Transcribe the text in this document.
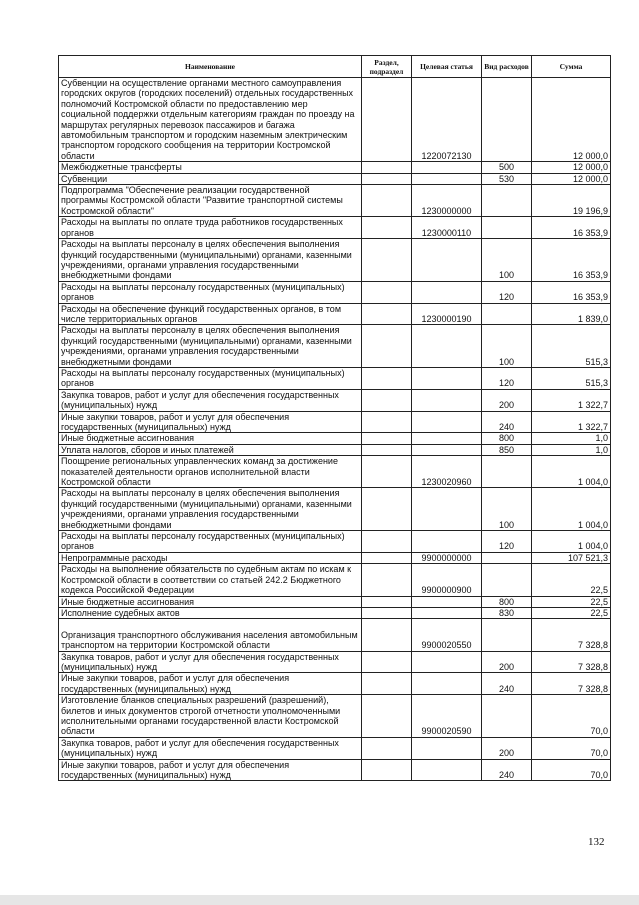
Наименование	Раздел, подраздел	Целевая статья	Вид расходов	Сумма
Субвенции на осуществление органами местного самоуправления городских округов (городских поселений) отдельных государственных полномочий Костромской области по предоставлению мер социальной поддержки отдельным категориям граждан по проезду на маршрутах регулярных перевозок пассажиров и багажа автомобильным транспортом и городским наземным электрическим транспортом городского сообщения на территории Костромской области		1220072130		12 000,0
Межбюджетные трансферты			500	12 000,0
Субвенции			530	12 000,0
Подпрограмма "Обеспечение реализации государственной программы Костромской области "Развитие транспортной системы Костромской области"		1230000000		19 196,9
Расходы на выплаты по оплате труда работников государственных органов		1230000110		16 353,9
Расходы на выплаты персоналу в целях обеспечения выполнения функций государственными (муниципальными) органами, казенными учреждениями, органами управления государственными внебюджетными фондами			100	16 353,9
Расходы на выплаты персоналу государственных (муниципальных) органов			120	16 353,9
Расходы на обеспечение функций государственных органов, в том числе территориальных органов		1230000190		1 839,0
Расходы на выплаты персоналу в целях обеспечения выполнения функций государственными (муниципальными) органами, казенными учреждениями, органами управления государственными внебюджетными фондами			100	515,3
Расходы на выплаты персоналу государственных (муниципальных) органов			120	515,3
Закупка товаров, работ и услуг для обеспечения государственных (муниципальных) нужд			200	1 322,7
Иные закупки товаров, работ и услуг для обеспечения государственных (муниципальных) нужд			240	1 322,7
Иные бюджетные ассигнования			800	1,0
Уплата налогов, сборов и иных платежей			850	1,0
Поощрение региональных управленческих команд за достижение показателей деятельности органов исполнительной власти Костромской области		1230020960		1 004,0
Расходы на выплаты персоналу в целях обеспечения выполнения функций государственными (муниципальными) органами, казенными учреждениями, органами управления государственными внебюджетными фондами			100	1 004,0
Расходы на выплаты персоналу государственных (муниципальных) органов			120	1 004,0
Непрограммные расходы		9900000000		107 521,3
Расходы на выполнение обязательств по судебным актам по искам к Костромской области в соответствии со статьей 242.2 Бюджетного кодекса Российской Федерации		9900000900		22,5
Иные бюджетные ассигнования			800	22,5
Исполнение судебных актов			830	22,5
Организация транспортного обслуживания населения автомобильным транспортом на территории Костромской области		9900020550		7 328,8
Закупка товаров, работ и услуг для обеспечения государственных (муниципальных) нужд			200	7 328,8
Иные закупки товаров, работ и услуг для обеспечения государственных (муниципальных) нужд			240	7 328,8
Изготовление бланков специальных разрешений (разрешений), билетов и иных документов строгой отчетности уполномоченными исполнительными органами государственной власти Костромской области		9900020590		70,0
Закупка товаров, работ и услуг для обеспечения государственных (муниципальных) нужд			200	70,0
Иные закупки товаров, работ и услуг для обеспечения государственных (муниципальных) нужд			240	70,0
132
